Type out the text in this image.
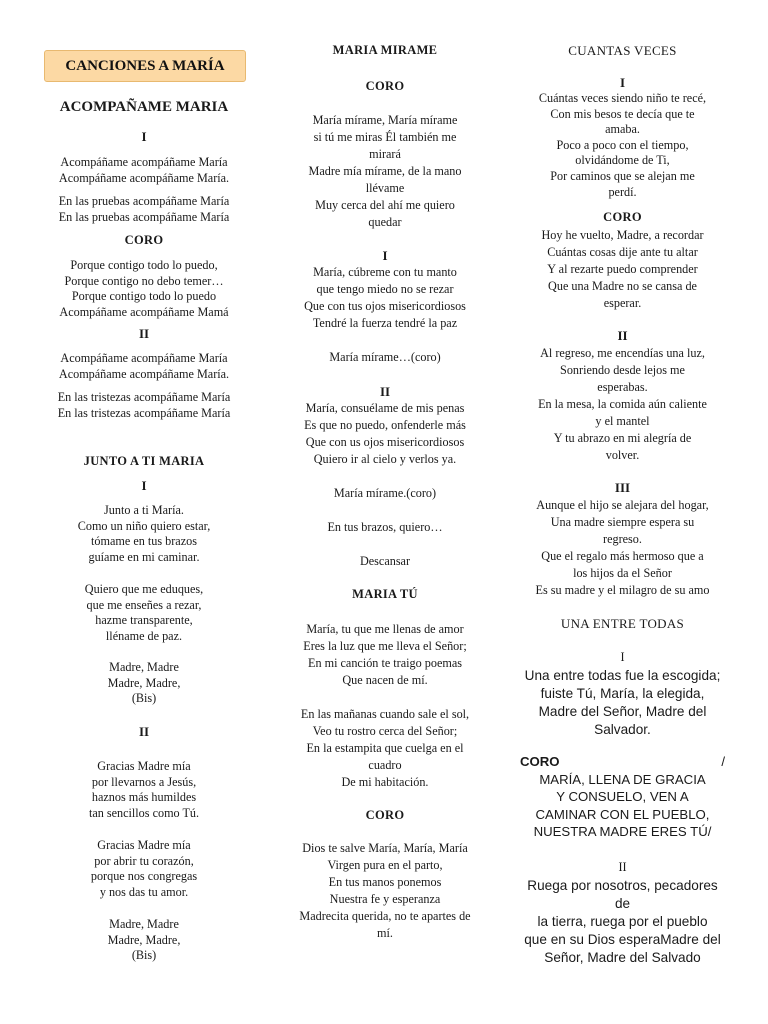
CANCIONES A MARÍA
ACOMPAÑAME MARIA
I
Acompáñame acompáñame María
Acompáñame acompáñame María.
En las pruebas acompáñame María
En las pruebas acompáñame María
CORO
Porque contigo todo lo puedo,
Porque contigo no debo temer…
Porque contigo todo lo puedo
Acompáñame acompáñame Mamá
II
Acompáñame acompáñame María
Acompáñame acompáñame María.
En las tristezas acompáñame María
En las tristezas acompáñame María
JUNTO A TI MARIA
I
Junto a ti María.
Como un niño quiero estar,
tómame en tus brazos
guíame en mi caminar.
Quiero que me eduques,
que me enseñes a rezar,
hazme transparente,
lléname de paz.
Madre, Madre
Madre, Madre,
(Bis)
II
Gracias Madre mía
por llevarnos a Jesús,
haznos más humildes
tan sencillos como Tú.
Gracias Madre mía
por abrir tu corazón,
porque nos congregas
y nos das tu amor.
Madre, Madre
Madre, Madre,
(Bis)
MARIA MIRAME
CORO
María mírame, María mírame
si tú me miras Él también me
mirará
Madre mía mírame, de la mano
llévame
Muy cerca del ahí me quiero
quedar
I
María, cúbreme con tu manto
que tengo miedo no se rezar
Que con tus ojos misericordiosos
Tendré la fuerza tendré la paz
María mírame…(coro)
II
María, consuélame de mis penas
Es que no puedo, onfenderle más
Que con us ojos misericordiosos
Quiero ir al cielo y verlos ya.
María mírame.(coro)
En tus brazos, quiero…
Descansar
MARIA TÚ
María, tu que me llenas de amor
Eres la luz que me lleva el Señor;
En mi canción te traigo poemas
Que nacen de mí.
En las mañanas cuando sale el sol,
Veo tu rostro cerca del Señor;
En la estampita que cuelga en el
cuadro
De mi habitación.
CORO
Dios te salve María, María, María
Virgen pura en el parto,
En tus manos ponemos
Nuestra fe y esperanza
Madrecita querida, no te apartes de
mí.
CUANTAS VECES
I
Cuántas veces siendo niño te recé,
Con mis besos te decía que te
amaba.
Poco a poco con el tiempo,
olvidándome de Ti,
Por caminos que se alejan me
perdí.
CORO
Hoy he vuelto, Madre, a recordar
Cuántas cosas dije ante tu altar
Y al rezarte puedo comprender
Que una Madre no se cansa de
esperar.
II
Al regreso, me encendías una luz,
Sonriendo desde lejos me
esperabas.
En la mesa, la comida aún caliente
y el mantel
Y tu abrazo en mi alegría de
volver.
III
Aunque el hijo se alejara del hogar,
Una madre siempre espera su
regreso.
Que el regalo más hermoso que a
los hijos da el Señor
Es su madre y el milagro de su amo
UNA ENTRE TODAS
I
Una entre todas fue la escogida;
fuiste Tú, María, la elegida,
Madre del Señor, Madre del
Salvador.
CORO	/
MARÍA, LLENA DE GRACIA
Y CONSUELO, VEN A
CAMINAR CON EL PUEBLO,
NUESTRA MADRE ERES TÚ/
II
Ruega por nosotros, pecadores de
la tierra, ruega por el pueblo
que en su Dios esperaMadre del
Señor, Madre del Salvado
